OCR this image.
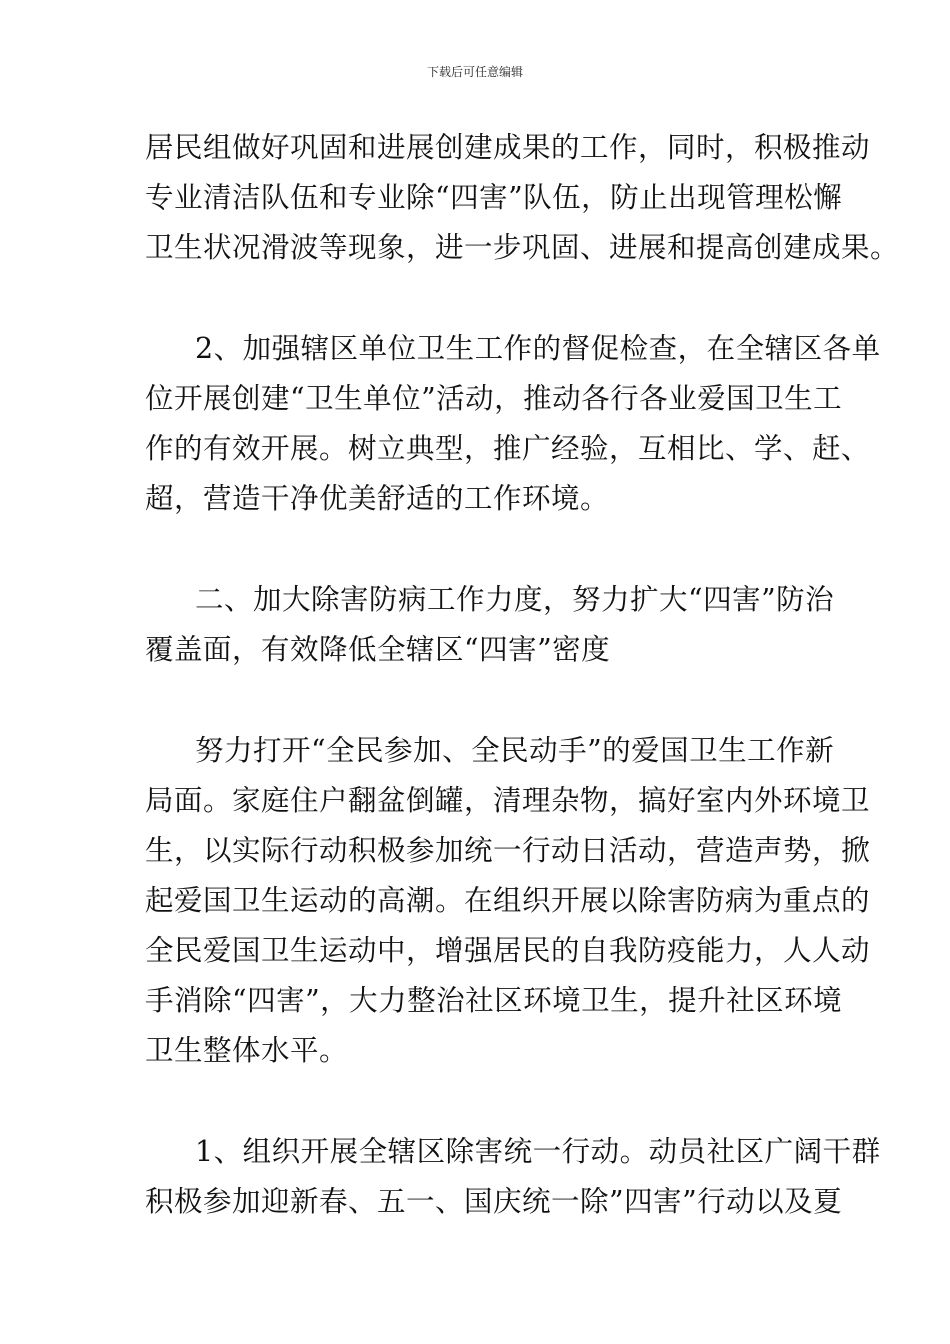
下载后可任意编辑
居民组做好巩固和进展创建成果的工作，同时，积极推动
专业清洁队伍和专业除“四害”队伍，防止出现管理松懈
卫生状况滑波等现象，进一步巩固、进展和提高创建成果。
2、加强辖区单位卫生工作的督促检查，在全辖区各单
位开展创建“卫生单位”活动，推动各行各业爱国卫生工
作的有效开展。树立典型，推广经验，互相比、学、赶、
超，营造干净优美舒适的工作环境。
二、加大除害防病工作力度，努力扩大“四害”防治
覆盖面，有效降低全辖区“四害”密度
努力打开“全民参加、全民动手”的爱国卫生工作新
局面。家庭住户翻盆倒罐，清理杂物，搞好室内外环境卫
生，以实际行动积极参加统一行动日活动，营造声势，掀
起爱国卫生运动的高潮。在组织开展以除害防病为重点的
全民爱国卫生运动中，增强居民的自我防疫能力，人人动
手消除“四害”，大力整治社区环境卫生，提升社区环境
卫生整体水平。
1、组织开展全辖区除害统一行动。动员社区广阔干群
积极参加迎新春、五一、国庆统一除”四害”行动以及夏
